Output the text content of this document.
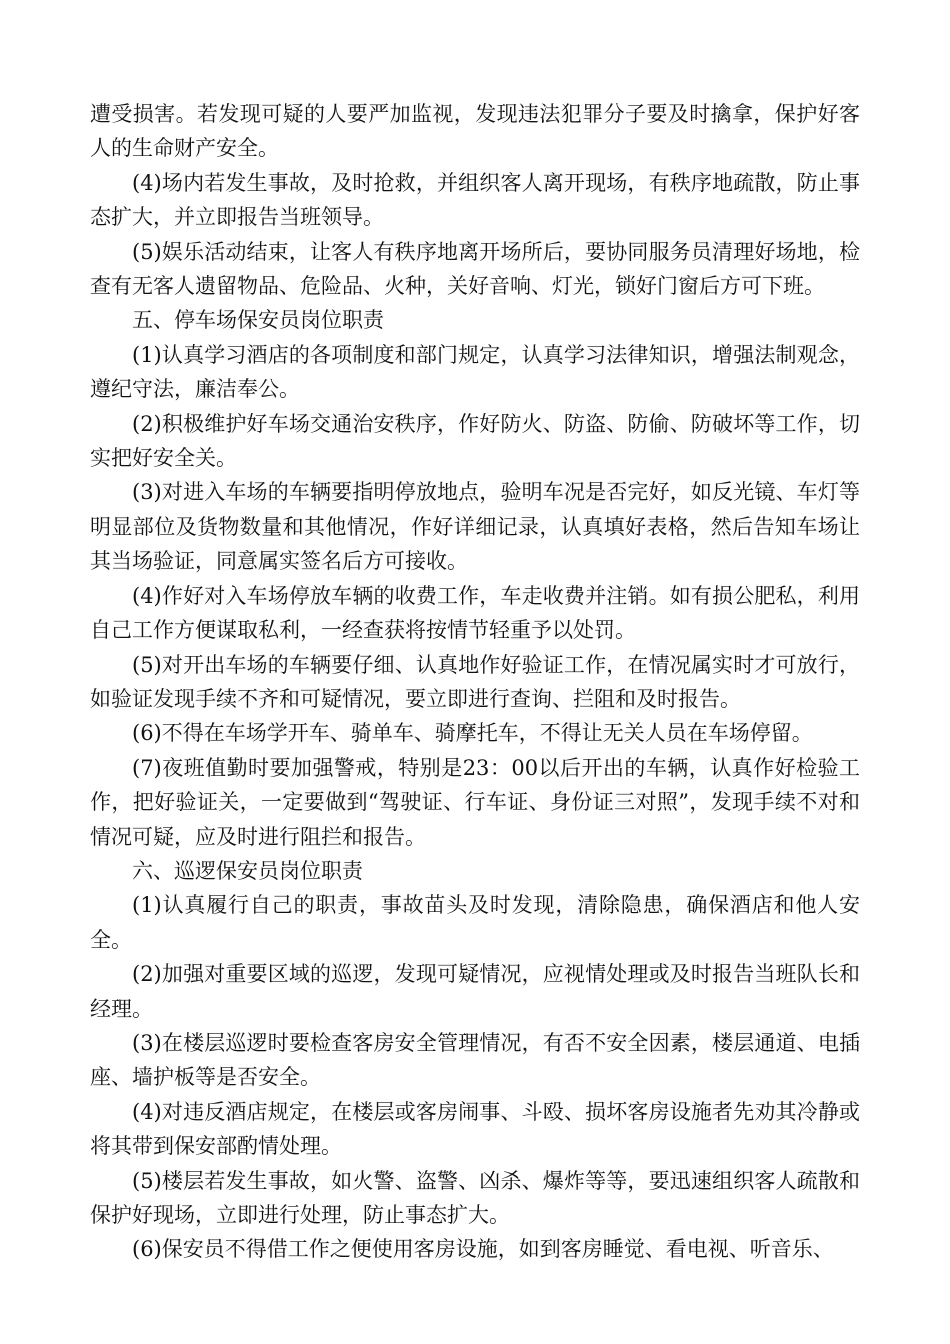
遭受损害。若发现可疑的人要严加监视，发现违法犯罪分子要及时擒拿，保护好客人的生命财产安全。

(4)场内若发生事故，及时抢救，并组织客人离开现场，有秩序地疏散，防止事态扩大，并立即报告当班领导。

(5)娱乐活动结束，让客人有秩序地离开场所后，要协同服务员清理好场地，检查有无客人遗留物品、危险品、火种，关好音响、灯光，锁好门窗后方可下班。

五、停车场保安员岗位职责

(1)认真学习酒店的各项制度和部门规定，认真学习法律知识，增强法制观念，遵纪守法，廉洁奉公。

(2)积极维护好车场交通治安秩序，作好防火、防盗、防偷、防破坏等工作，切实把好安全关。

(3)对进入车场的车辆要指明停放地点，验明车况是否完好，如反光镜、车灯等明显部位及货物数量和其他情况，作好详细记录，认真填好表格，然后告知车场让其当场验证，同意属实签名后方可接收。

(4)作好对入车场停放车辆的收费工作，车走收费并注销。如有损公肥私，利用自己工作方便谋取私利，一经查获将按情节轻重予以处罚。

(5)对开出车场的车辆要仔细、认真地作好验证工作，在情况属实时才可放行，如验证发现手续不齐和可疑情况，要立即进行查询、拦阻和及时报告。

(6)不得在车场学开车、骑单车、骑摩托车，不得让无关人员在车场停留。

(7)夜班值勤时要加强警戒，特别是23：00以后开出的车辆，认真作好检验工作，把好验证关，一定要做到“驾驶证、行车证、身份证三对照”，发现手续不对和情况可疑，应及时进行阻拦和报告。

六、巡逻保安员岗位职责

(1)认真履行自己的职责，事故苗头及时发现，清除隐患，确保酒店和他人安全。

(2)加强对重要区域的巡逻，发现可疑情况，应视情处理或及时报告当班队长和经理。

(3)在楼层巡逻时要检查客房安全管理情况，有否不安全因素，楼层通道、电插座、墙护板等是否安全。

(4)对违反酒店规定，在楼层或客房闹事、斗殴、损坏客房设施者先劝其冷静或将其带到保安部酌情处理。

(5)楼层若发生事故，如火警、盗警、凶杀、爆炸等等，要迅速组织客人疏散和保护好现场，立即进行处理，防止事态扩大。

(6)保安员不得借工作之便使用客房设施，如到客房睡觉、看电视、听音乐、
